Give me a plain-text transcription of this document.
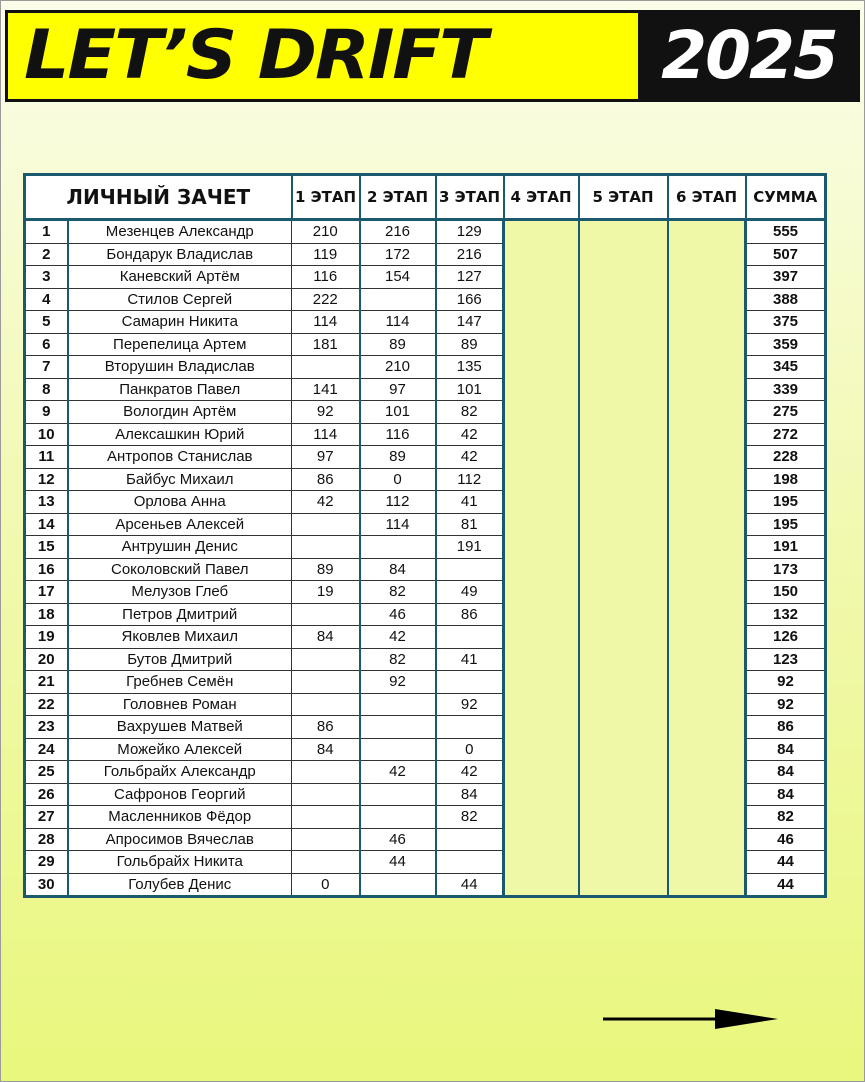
LET’S DRIFT	2025
ЛИЧНЫЙ ЗАЧЕТ		1 ЭТАП	2 ЭТАП	3 ЭТАП	4 ЭТАП	5 ЭТАП	6 ЭТАП	СУММА
1	Мезенцев Александр	210	216	129				555
2	Бондарук Владислав	119	172	216				507
3	Каневский Артём	116	154	127				397
4	Стилов Сергей	222		166				388
5	Самарин Никита	114	114	147				375
6	Перепелица Артем	181	89	89				359
7	Вторушин Владислав		210	135				345
8	Панкратов Павел	141	97	101				339
9	Вологдин Артём	92	101	82				275
10	Алексашкин Юрий	114	116	42				272
11	Антропов Станислав	97	89	42				228
12	Байбус Михаил	86	0	112				198
13	Орлова Анна	42	112	41				195
14	Арсеньев Алексей		114	81				195
15	Антрушин Денис			191				191
16	Соколовский Павел	89	84					173
17	Мелузов Глеб	19	82	49				150
18	Петров Дмитрий		46	86				132
19	Яковлев Михаил	84	42					126
20	Бутов Дмитрий		82	41				123
21	Гребнев Семён		92					92
22	Головнев Роман			92				92
23	Вахрушев Матвей	86						86
24	Можейко Алексей	84		0				84
25	Гольбрайх Александр		42	42				84
26	Сафронов Георгий			84				84
27	Масленников Фёдор			82				82
28	Апросимов Вячеслав		46					46
29	Гольбрайх Никита		44					44
30	Голубев Денис	0		44				44
